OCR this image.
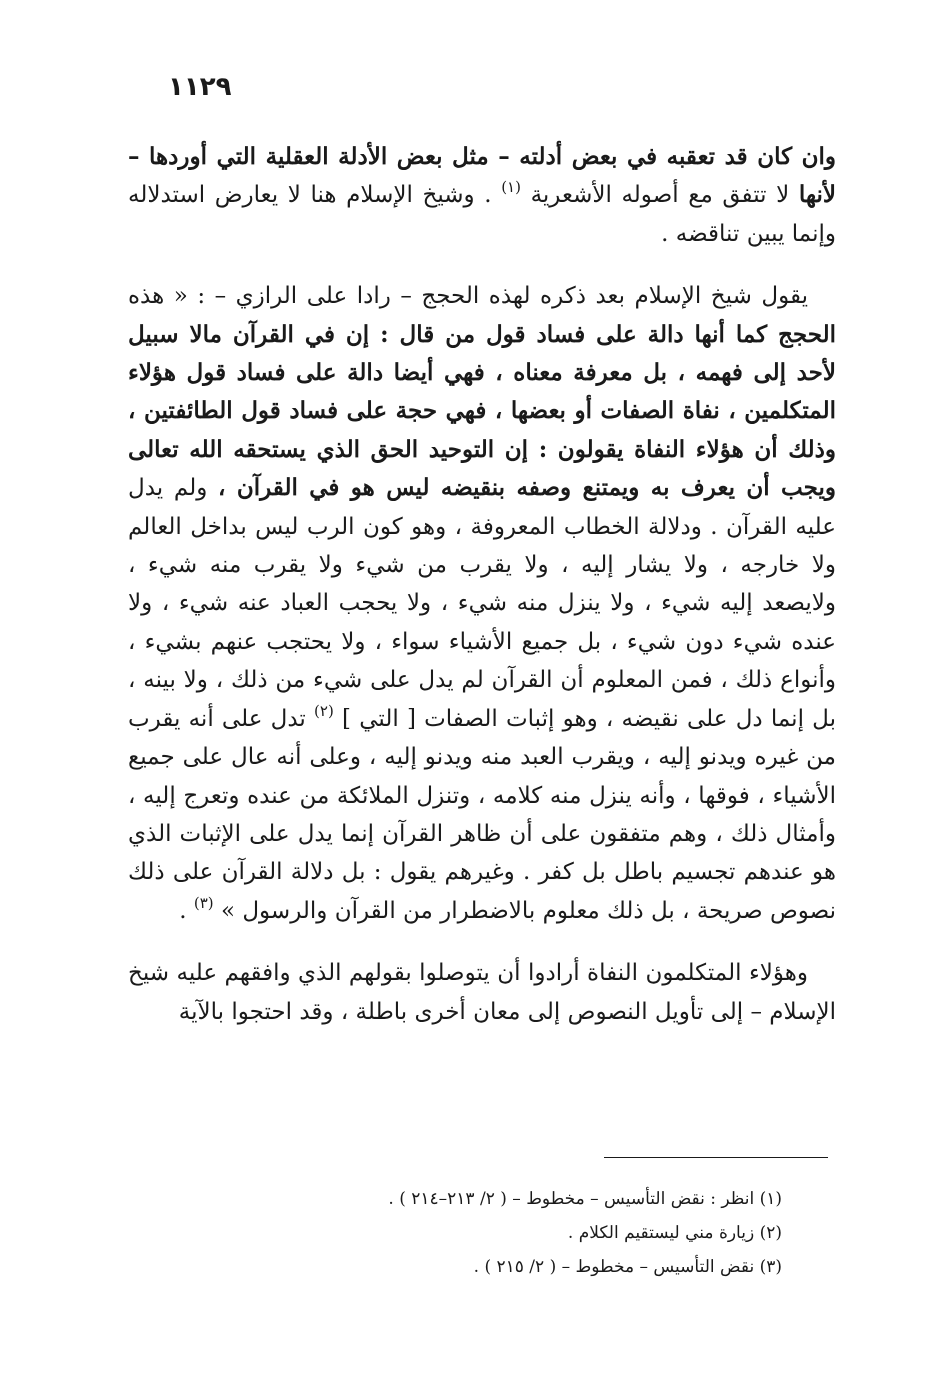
١١٢٩

وان كان قد تعقبه في بعض أدلته – مثل بعض الأدلة العقلية التي أوردها – لأنها لا تتفق مع أصوله الأشعرية $^{(١)}$ . وشيخ الإسلام هنا لا يعارض استدلاله وإنما يبين تناقضه .

يقول شيخ الإسلام بعد ذكره لهذه الحجج – رادا على الرازي – : « هذه الحجج كما أنها دالة على فساد قول من قال : إن في القرآن مالا سبيل لأحد إلى فهمه ، بل معرفة معناه ، فهي أيضا دالة على فساد قول هؤلاء المتكلمين ، نفاة الصفات أو بعضها ، فهي حجة على فساد قول الطائفتين ، وذلك أن هؤلاء النفاة يقولون : إن التوحيد الحق الذي يستحقه الله تعالى ويجب أن يعرف به ويمتنع وصفه بنقيضه ليس هو في القرآن ، ولم يدل عليه القرآن . ودلالة الخطاب المعروفة ، وهو كون الرب ليس بداخل العالم ولا خارجه ، ولا يشار إليه ، ولا يقرب من شيء ولا يقرب منه شيء ، ولايصعد إليه شيء ، ولا ينزل منه شيء ، ولا يحجب العباد عنه شيء ، ولا عنده شيء دون شيء ، بل جميع الأشياء سواء ، ولا يحتجب عنهم بشيء ، وأنواع ذلك ، فمن المعلوم أن القرآن لم يدل على شيء من ذلك ، ولا بينه ، بل إنما دل على نقيضه ، وهو إثبات الصفات [ التي ] $^{(٢)}$ تدل على أنه يقرب من غيره ويدنو إليه ، ويقرب العبد منه ويدنو إليه ، وعلى أنه عال على جميع الأشياء ، فوقها ، وأنه ينزل منه كلامه ، وتنزل الملائكة من عنده وتعرج إليه ، وأمثال ذلك ، وهم متفقون على أن ظاهر القرآن إنما يدل على الإثبات الذي هو عندهم تجسيم باطل بل كفر . وغيرهم يقول : بل دلالة القرآن على ذلك نصوص صريحة ، بل ذلك معلوم بالاضطرار من القرآن والرسول » $^{(٣)}$ .

وهؤلاء المتكلمون النفاة أرادوا أن يتوصلوا بقولهم الذي وافقهم عليه شيخ الإسلام – إلى تأويل النصوص إلى معان أخرى باطلة ، وقد احتجوا بالآية

(١) انظر : نقض التأسيس – مخطوط – ( ٢/ ٢١٣–٢١٤ ) .

(٢) زيارة مني ليستقيم الكلام .

(٣) نقض التأسيس – مخطوط – ( ٢/ ٢١٥ ) .
